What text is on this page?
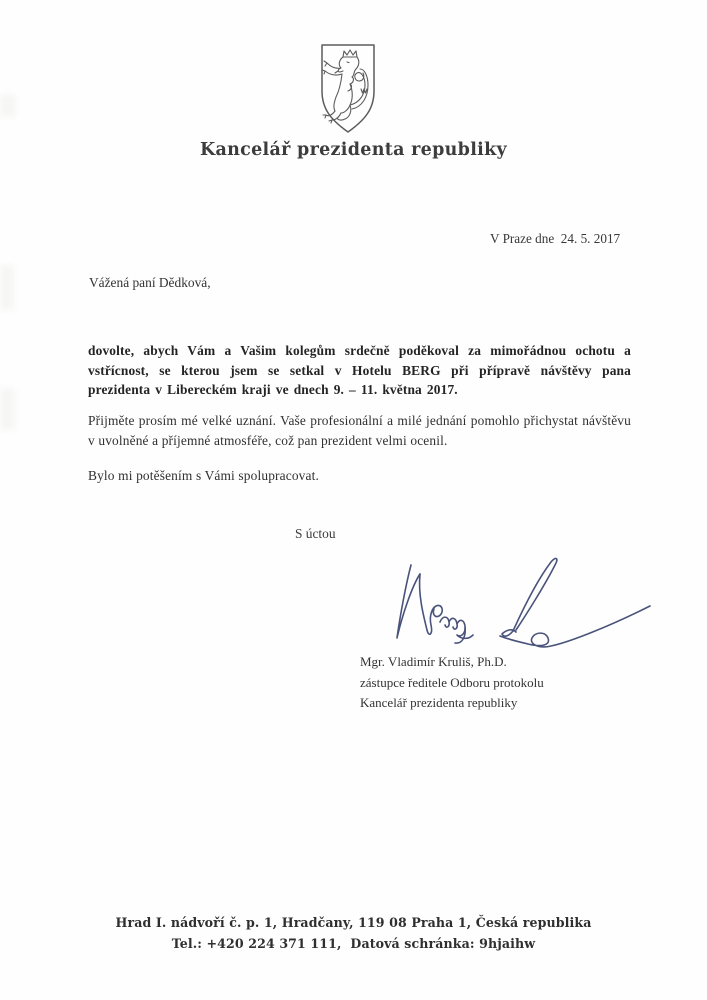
Kancelář prezidenta republiky
V Praze dne  24. 5. 2017
Vážená paní Dědková,
dovolte, abych Vám a Vašim kolegům srdečně poděkoval za mimořádnou ochotu a vstřícnost, se kterou jsem se setkal v Hotelu BERG při přípravě návštěvy pana prezidenta v Libereckém kraji ve dnech 9. – 11. května 2017.
Přijměte prosím mé velké uznání. Vaše profesionální a milé jednání pomohlo přichystat návštěvu v uvolněné a příjemné atmosféře, což pan prezident velmi ocenil.
Bylo mi potěšením s Vámi spolupracovat.
S úctou
Mgr. Vladimír Kruliš, Ph.D.
zástupce ředitele Odboru protokolu
Kancelář prezidenta republiky
Hrad I. nádvoří č. p. 1, Hradčany, 119 08 Praha 1, Česká republika
Tel.: +420 224 371 111,  Datová schránka: 9hjaihw
